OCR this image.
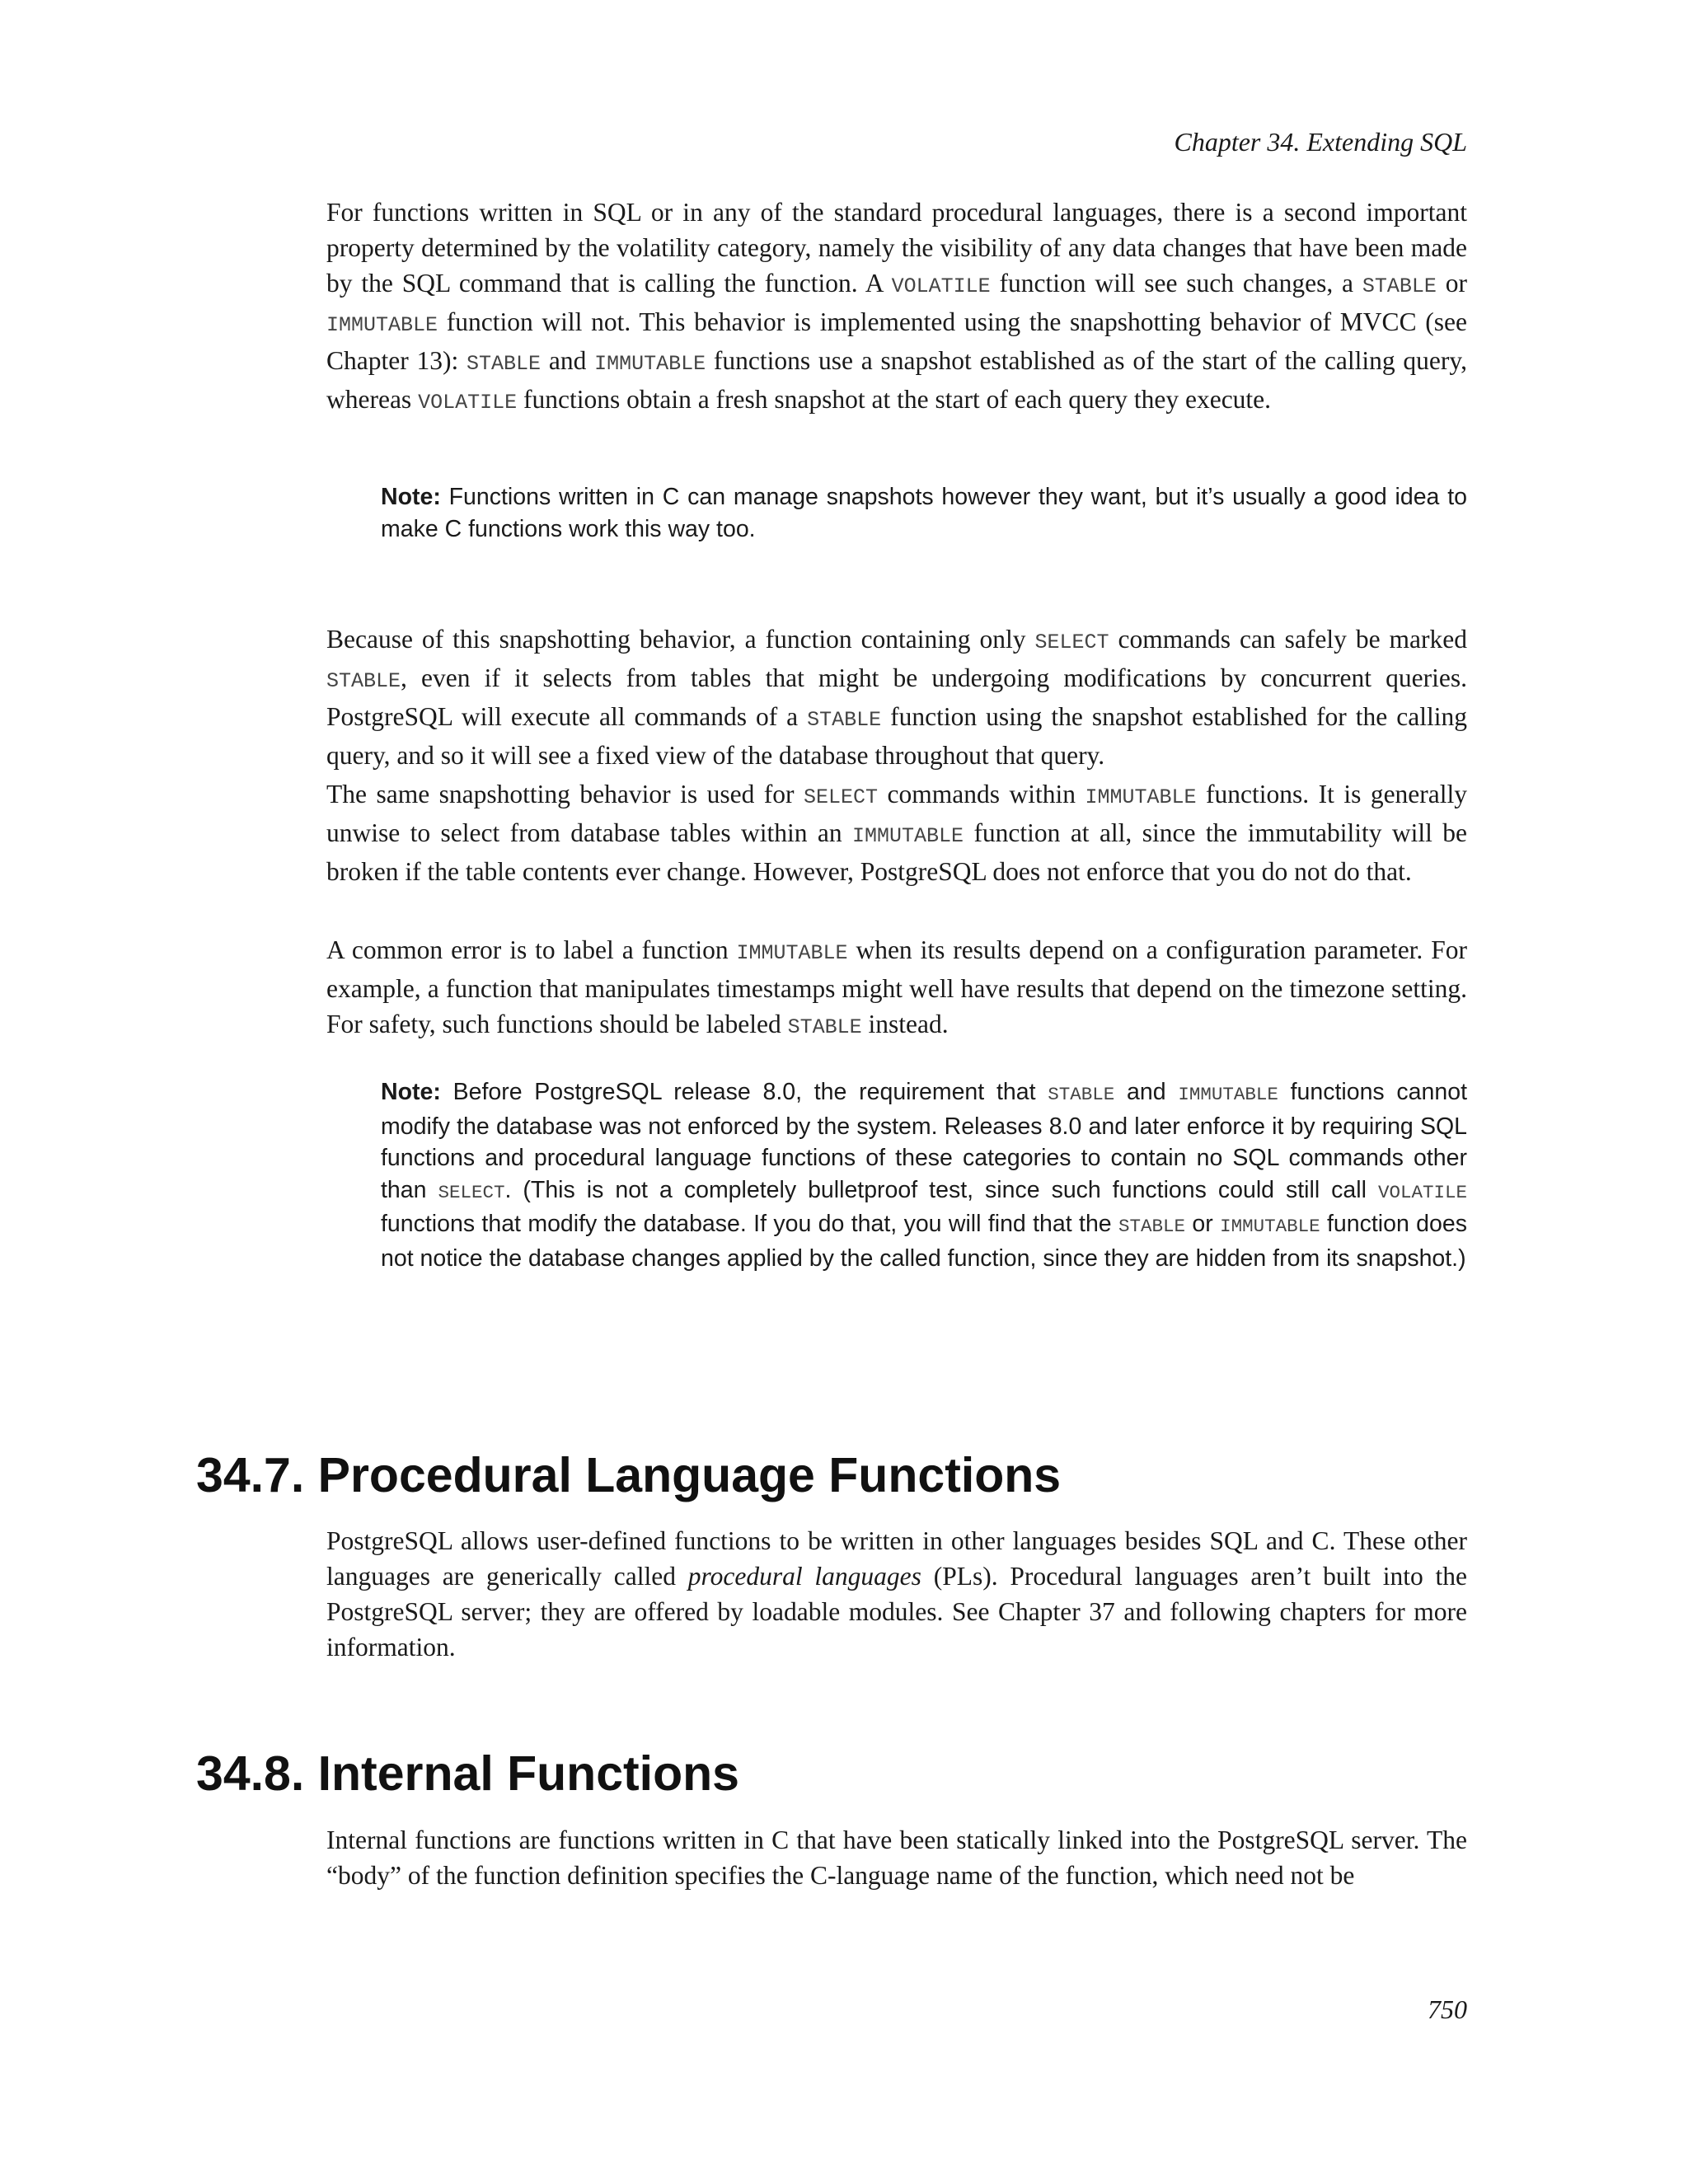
Chapter 34. Extending SQL

For functions written in SQL or in any of the standard procedural languages, there is a second important property determined by the volatility category, namely the visibility of any data changes that have been made by the SQL command that is calling the function. A VOLATILE function will see such changes, a STABLE or IMMUTABLE function will not. This behavior is implemented using the snapshotting behavior of MVCC (see Chapter 13): STABLE and IMMUTABLE functions use a snapshot established as of the start of the calling query, whereas VOLATILE functions obtain a fresh snapshot at the start of each query they execute.

Note: Functions written in C can manage snapshots however they want, but it’s usually a good idea to make C functions work this way too.

Because of this snapshotting behavior, a function containing only SELECT commands can safely be marked STABLE, even if it selects from tables that might be undergoing modifications by concurrent queries. PostgreSQL will execute all commands of a STABLE function using the snapshot established for the calling query, and so it will see a fixed view of the database throughout that query.

The same snapshotting behavior is used for SELECT commands within IMMUTABLE functions. It is generally unwise to select from database tables within an IMMUTABLE function at all, since the immutability will be broken if the table contents ever change. However, PostgreSQL does not enforce that you do not do that.

A common error is to label a function IMMUTABLE when its results depend on a configuration parameter. For example, a function that manipulates timestamps might well have results that depend on the timezone setting. For safety, such functions should be labeled STABLE instead.

Note: Before PostgreSQL release 8.0, the requirement that STABLE and IMMUTABLE functions cannot modify the database was not enforced by the system. Releases 8.0 and later enforce it by requiring SQL functions and procedural language functions of these categories to contain no SQL commands other than SELECT. (This is not a completely bulletproof test, since such functions could still call VOLATILE functions that modify the database. If you do that, you will find that the STABLE or IMMUTABLE function does not notice the database changes applied by the called function, since they are hidden from its snapshot.)

34.7. Procedural Language Functions

PostgreSQL allows user-defined functions to be written in other languages besides SQL and C. These other languages are generically called procedural languages (PLs). Procedural languages aren’t built into the PostgreSQL server; they are offered by loadable modules. See Chapter 37 and following chapters for more information.

34.8. Internal Functions

Internal functions are functions written in C that have been statically linked into the PostgreSQL server. The “body” of the function definition specifies the C-language name of the function, which need not be

750
